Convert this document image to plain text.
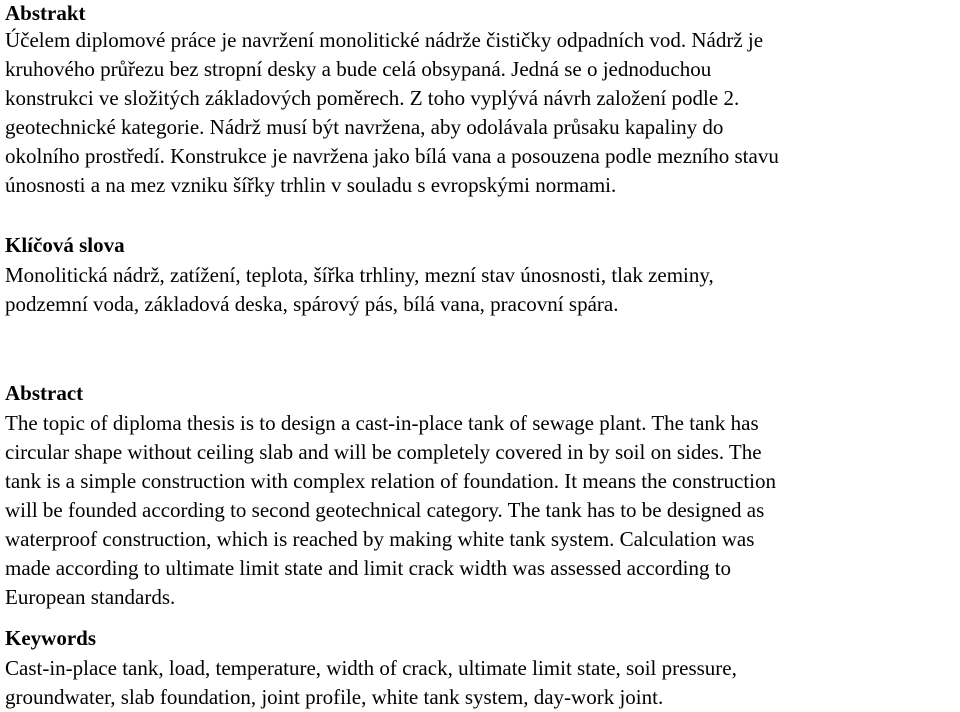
Abstrakt
Účelem diplomové práce je navržení monolitické nádrže čističky odpadních vod. Nádrž je
kruhového průřezu bez stropní desky a bude celá obsypaná. Jedná se o jednoduchou
konstrukci ve složitých základových poměrech. Z toho vyplývá návrh založení podle 2.
geotechnické kategorie. Nádrž musí být navržena, aby odolávala průsaku kapaliny do
okolního prostředí. Konstrukce je navržena jako bílá vana a posouzena podle mezního stavu
únosnosti a na mez vzniku šířky trhlin v souladu s evropskými normami.
Klíčová slova
Monolitická nádrž, zatížení, teplota, šířka trhliny, mezní stav únosnosti, tlak zeminy,
podzemní voda, základová deska, spárový pás, bílá vana, pracovní spára.
Abstract
The topic of diploma thesis is to design a cast-in-place tank of sewage plant. The tank has
circular shape without ceiling slab and will be completely covered in by soil on sides. The
tank is a simple construction with complex relation of foundation. It means the construction
will be founded according to second geotechnical category. The tank has to be designed as
waterproof construction, which is reached by making white tank system. Calculation was
made according to ultimate limit state and limit crack width was assessed according to
European standards.
Keywords
Cast-in-place tank, load, temperature, width of crack, ultimate limit state, soil pressure,
groundwater, slab foundation, joint profile, white tank system, day-work joint.
